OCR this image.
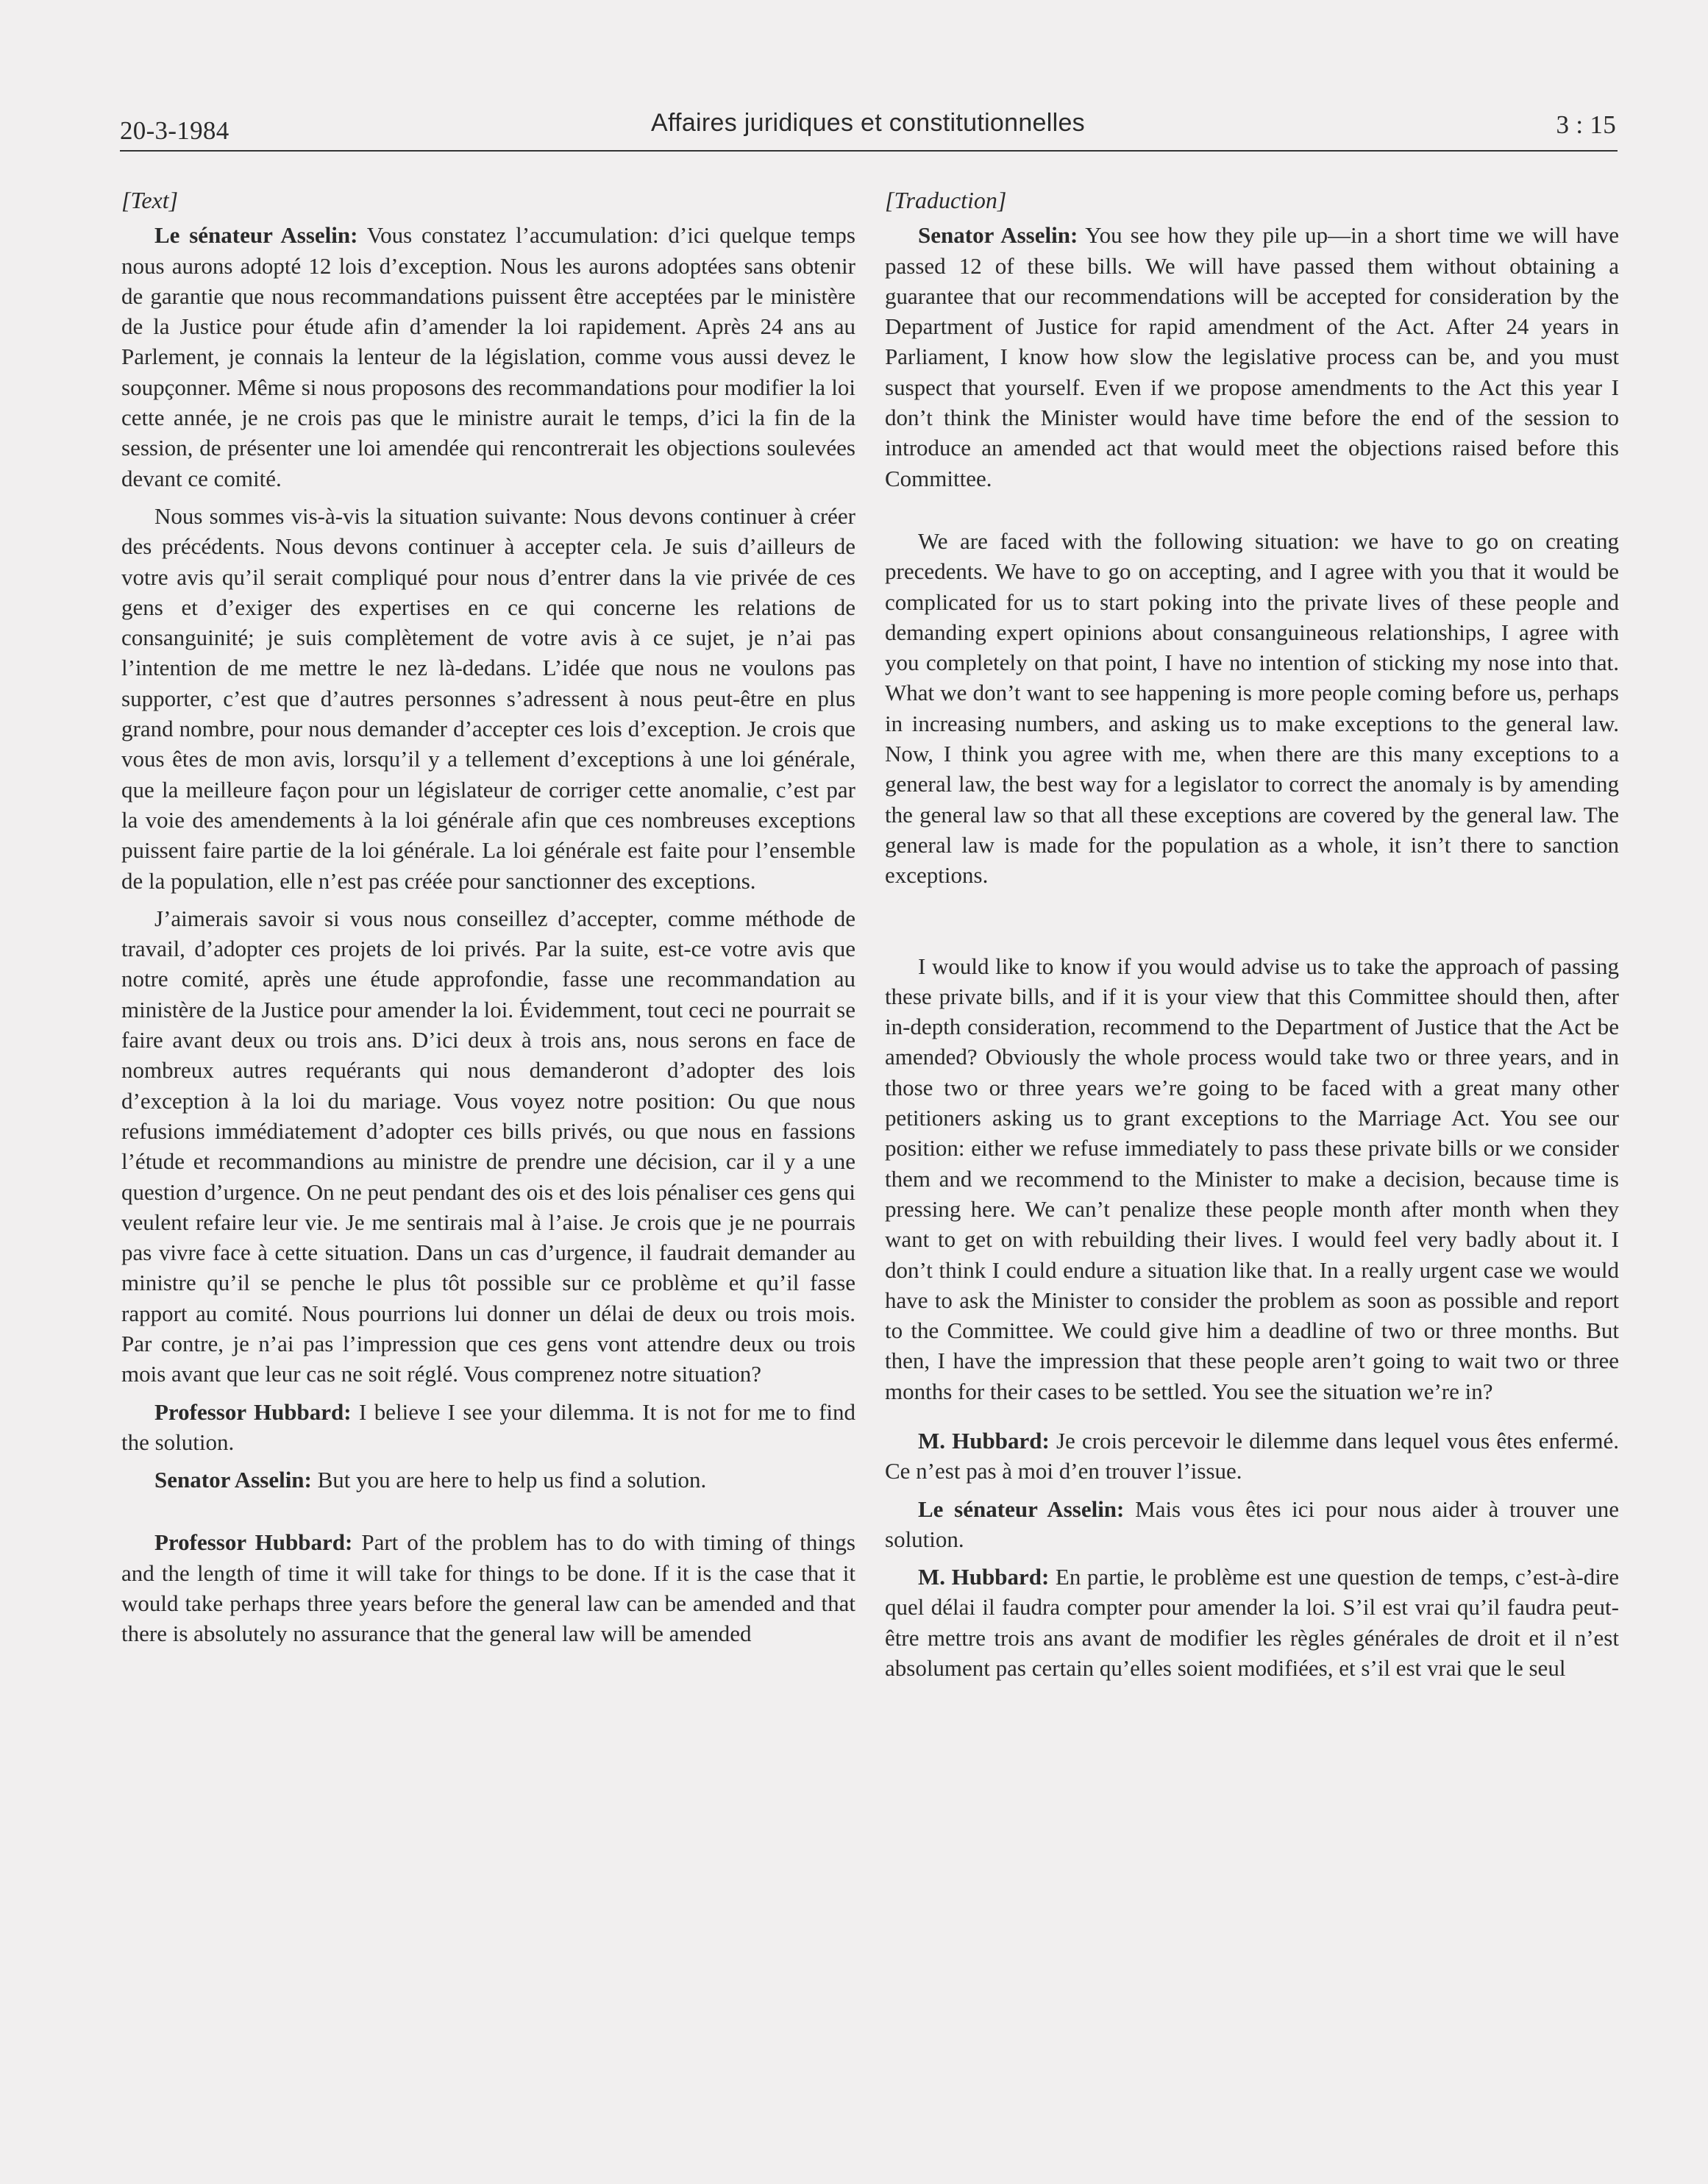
20-3-1984	Affaires juridiques et constitutionnelles	3 : 15

[Text]

Le sénateur Asselin: Vous constatez l’accumulation: d’ici quelque temps nous aurons adopté 12 lois d’exception. Nous les aurons adoptées sans obtenir de garantie que nous recommandations puissent être acceptées par le ministère de la Justice pour étude afin d’amender la loi rapidement. Après 24 ans au Parlement, je connais la lenteur de la législation, comme vous aussi devez le soupçonner. Même si nous proposons des recommandations pour modifier la loi cette année, je ne crois pas que le ministre aurait le temps, d’ici la fin de la session, de présenter une loi amendée qui rencontrerait les objections soulevées devant ce comité.

Nous sommes vis-à-vis la situation suivante: Nous devons continuer à créer des précédents. Nous devons continuer à accepter cela. Je suis d’ailleurs de votre avis qu’il serait compliqué pour nous d’entrer dans la vie privée de ces gens et d’exiger des expertises en ce qui concerne les relations de consanguinité; je suis complètement de votre avis à ce sujet, je n’ai pas l’intention de me mettre le nez là-dedans. L’idée que nous ne voulons pas supporter, c’est que d’autres personnes s’adressent à nous peut-être en plus grand nombre, pour nous demander d’accepter ces lois d’exception. Je crois que vous êtes de mon avis, lorsqu’il y a tellement d’exceptions à une loi générale, que la meilleure façon pour un législateur de corriger cette anomalie, c’est par la voie des amendements à la loi générale afin que ces nombreuses exceptions puissent faire partie de la loi générale. La loi générale est faite pour l’ensemble de la population, elle n’est pas créée pour sanctionner des exceptions.

J’aimerais savoir si vous nous conseillez d’accepter, comme méthode de travail, d’adopter ces projets de loi privés. Par la suite, est-ce votre avis que notre comité, après une étude approfondie, fasse une recommandation au ministère de la Justice pour amender la loi. Évidemment, tout ceci ne pourrait se faire avant deux ou trois ans. D’ici deux à trois ans, nous serons en face de nombreux autres requérants qui nous demanderont d’adopter des lois d’exception à la loi du mariage. Vous voyez notre position: Ou que nous refusions immédiatement d’adopter ces bills privés, ou que nous en fassions l’étude et recommandions au ministre de prendre une décision, car il y a une question d’urgence. On ne peut pendant des ois et des lois pénaliser ces gens qui veulent refaire leur vie. Je me sentirais mal à l’aise. Je crois que je ne pourrais pas vivre face à cette situation. Dans un cas d’urgence, il faudrait demander au ministre qu’il se penche le plus tôt possible sur ce problème et qu’il fasse rapport au comité. Nous pourrions lui donner un délai de deux ou trois mois. Par contre, je n’ai pas l’impression que ces gens vont attendre deux ou trois mois avant que leur cas ne soit réglé. Vous comprenez notre situation?

Professor Hubbard: I believe I see your dilemma. It is not for me to find the solution.

Senator Asselin: But you are here to help us find a solution.

Professor Hubbard: Part of the problem has to do with timing of things and the length of time it will take for things to be done. If it is the case that it would take perhaps three years before the general law can be amended and that there is absolutely no assurance that the general law will be amended

[Traduction]

Senator Asselin: You see how they pile up—in a short time we will have passed 12 of these bills. We will have passed them without obtaining a guarantee that our recommendations will be accepted for consideration by the Department of Justice for rapid amendment of the Act. After 24 years in Parliament, I know how slow the legislative process can be, and you must suspect that yourself. Even if we propose amendments to the Act this year I don’t think the Minister would have time before the end of the session to introduce an amended act that would meet the objections raised before this Committee.

We are faced with the following situation: we have to go on creating precedents. We have to go on accepting, and I agree with you that it would be complicated for us to start poking into the private lives of these people and demanding expert opinions about consanguineous relationships, I agree with you completely on that point, I have no intention of sticking my nose into that. What we don’t want to see happening is more people coming before us, perhaps in increasing numbers, and asking us to make exceptions to the general law. Now, I think you agree with me, when there are this many exceptions to a general law, the best way for a legislator to correct the anomaly is by amending the general law so that all these exceptions are covered by the general law. The general law is made for the population as a whole, it isn’t there to sanction exceptions.

I would like to know if you would advise us to take the approach of passing these private bills, and if it is your view that this Committee should then, after in-depth consideration, recommend to the Department of Justice that the Act be amended? Obviously the whole process would take two or three years, and in those two or three years we’re going to be faced with a great many other petitioners asking us to grant exceptions to the Marriage Act. You see our position: either we refuse immediately to pass these private bills or we consider them and we recommend to the Minister to make a decision, because time is pressing here. We can’t penalize these people month after month when they want to get on with rebuilding their lives. I would feel very badly about it. I don’t think I could endure a situation like that. In a really urgent case we would have to ask the Minister to consider the problem as soon as possible and report to the Committee. We could give him a deadline of two or three months. But then, I have the impression that these people aren’t going to wait two or three months for their cases to be settled. You see the situation we’re in?

M. Hubbard: Je crois percevoir le dilemme dans lequel vous êtes enfermé. Ce n’est pas à moi d’en trouver l’issue.

Le sénateur Asselin: Mais vous êtes ici pour nous aider à trouver une solution.

M. Hubbard: En partie, le problème est une question de temps, c’est-à-dire quel délai il faudra compter pour amender la loi. S’il est vrai qu’il faudra peut-être mettre trois ans avant de modifier les règles générales de droit et il n’est absolument pas certain qu’elles soient modifiées, et s’il est vrai que le seul
